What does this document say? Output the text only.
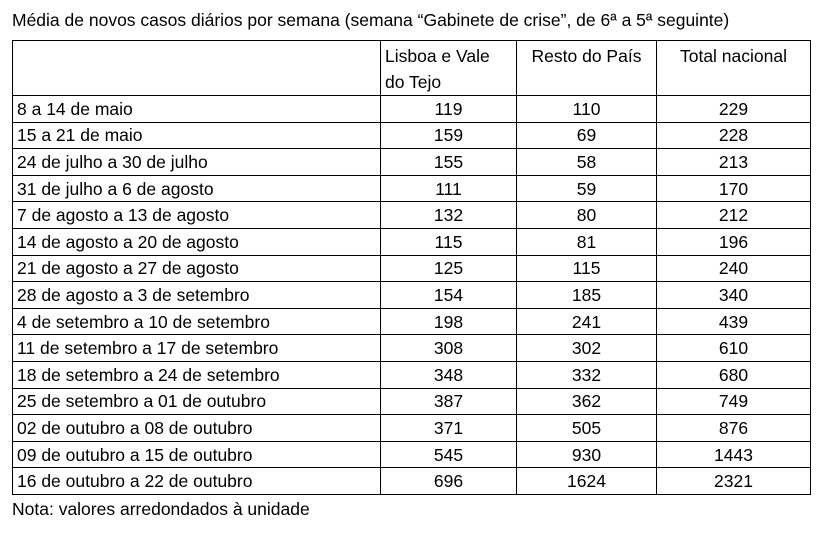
Média de novos casos diários por semana (semana “Gabinete de crise”, de 6ª a 5ª seguinte)
	Lisboa e Vale do Tejo	Resto do País	Total nacional
8 a 14 de maio	119	110	229
15 a 21 de maio	159	69	228
24 de julho a 30 de julho	155	58	213
31 de julho a 6 de agosto	111	59	170
7 de agosto a 13 de agosto	132	80	212
14 de agosto a 20 de agosto	115	81	196
21 de agosto a 27 de agosto	125	115	240
28 de agosto a 3 de setembro	154	185	340
4 de setembro a 10 de setembro	198	241	439
11 de setembro a 17 de setembro	308	302	610
18 de setembro a 24 de setembro	348	332	680
25 de setembro a 01 de outubro	387	362	749
02 de outubro a 08 de outubro	371	505	876
09 de outubro a 15 de outubro	545	930	1443
16 de outubro a 22 de outubro	696	1624	2321
Nota: valores arredondados à unidade
